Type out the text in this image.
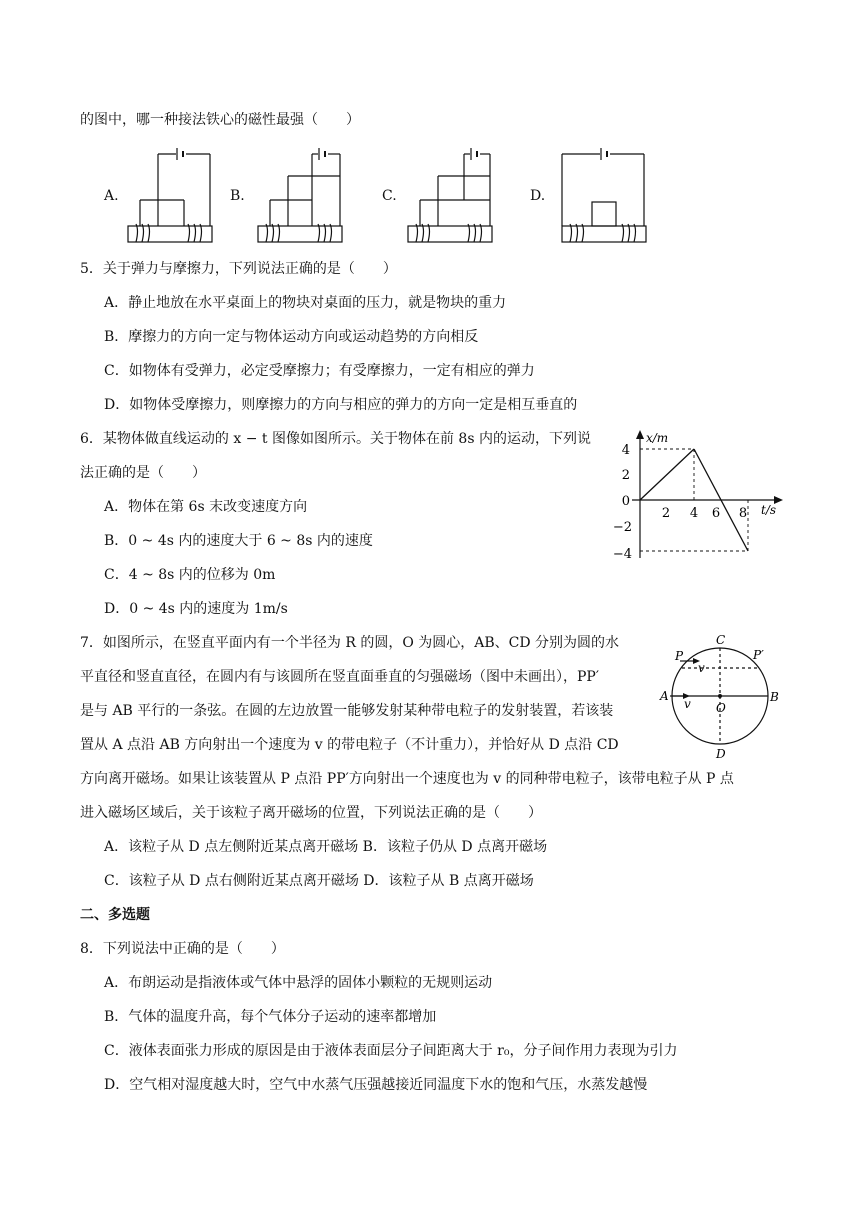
的图中，哪一种接法铁心的磁性最强（　　）
A.	B.	C.	D.
5．关于弹力与摩擦力，下列说法正确的是（　　）
A．静止地放在水平桌面上的物块对桌面的压力，就是物块的重力
B．摩擦力的方向一定与物体运动方向或运动趋势的方向相反
C．如物体有受弹力，必定受摩擦力；有受摩擦力，一定有相应的弹力
D．如物体受摩擦力，则摩擦力的方向与相应的弹力的方向一定是相互垂直的
6．某物体做直线运动的 x − t 图像如图所示。关于物体在前 8s 内的运动，下列说
法正确的是（　　）
A．物体在第 6s 末改变速度方向
B．0 ~ 4s 内的速度大于 6 ~ 8s 内的速度
C．4 ~ 8s 内的位移为 0m
D．0 ~ 4s 内的速度为 1m/s
x/m
t/s
4
2
0
−2
−4
2 4 6 8
7．如图所示，在竖直平面内有一个半径为 R 的圆，O 为圆心，AB、CD 分别为圆的水
平直径和竖直直径，在圆内有与该圆所在竖直面垂直的匀强磁场（图中未画出），PP′
是与 AB 平行的一条弦。在圆的左边放置一能够发射某种带电粒子的发射装置，若该装
置从 A 点沿 AB 方向射出一个速度为 v 的带电粒子（不计重力），并恰好从 D 点沿 CD
方向离开磁场。如果让该装置从 P 点沿 PP′方向射出一个速度也为 v 的同种带电粒子，该带电粒子从 P 点
进入磁场区域后，关于该粒子离开磁场的位置，下列说法正确的是（　　）
A．该粒子从 D 点左侧附近某点离开磁场 B．该粒子仍从 D 点离开磁场
C．该粒子从 D 点右侧附近某点离开磁场 D．该粒子从 B 点离开磁场
C
P′
P
v
A
v O
B
D
二、多选题
8．下列说法中正确的是（　　）
A．布朗运动是指液体或气体中悬浮的固体小颗粒的无规则运动
B．气体的温度升高，每个气体分子运动的速率都增加
C．液体表面张力形成的原因是由于液体表面层分子间距离大于 r₀，分子间作用力表现为引力
D．空气相对湿度越大时，空气中水蒸气压强越接近同温度下水的饱和气压，水蒸发越慢
